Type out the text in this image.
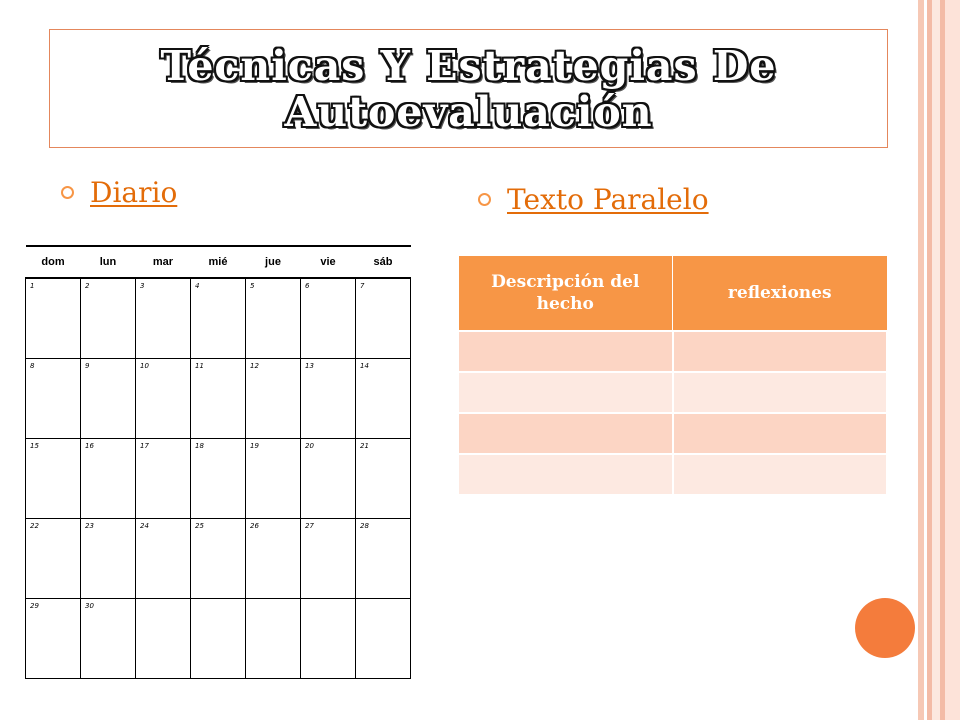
Técnicas Y Estrategias De
Autoevaluación
Diario	Texto Paralelo
dom	lun	mar	mié	jue	vie	sáb
1	2	3	4	5	6	7
8	9	10	11	12	13	14
15	16	17	18	19	20	21
22	23	24	25	26	27	28
29	30					
Descripción del hecho	reflexiones
